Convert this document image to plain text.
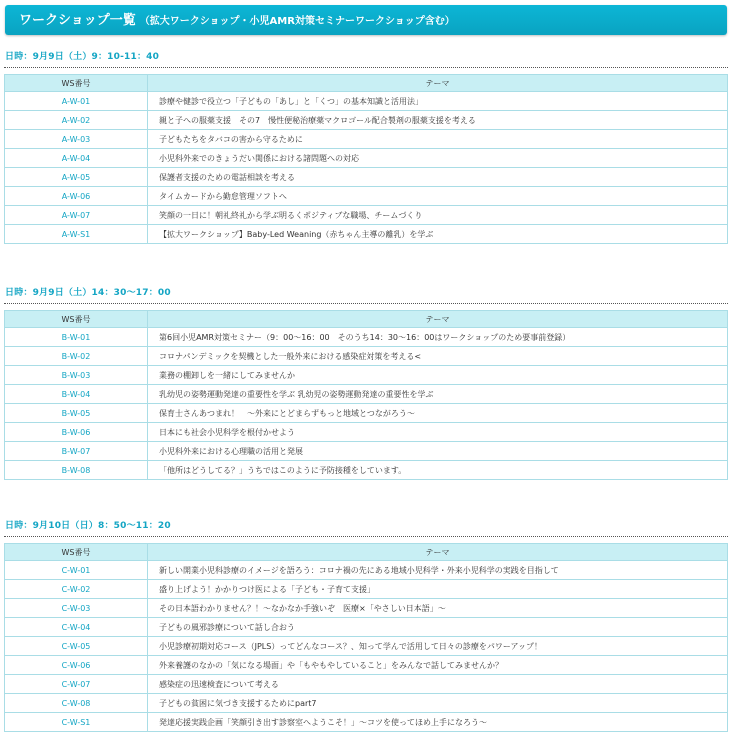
ワークショップ一覧 （拡大ワークショップ・小児AMR対策セミナーワークショップ含む）
日時：9月9日（土）9：10-11：40
WS番号	テーマ
A-W-01	診療や健診で役立つ「子どもの「あし」と「くつ」の基本知識と活用法」
A-W-02	親と子への服薬支援　その7　慢性便秘治療薬マクロゴール配合製剤の服薬支援を考える
A-W-03	子どもたちをタバコの害から守るために
A-W-04	小児科外来でのきょうだい関係における諸問題への対応
A-W-05	保護者支援のための電話相談を考える
A-W-06	タイムカードから勤怠管理ソフトへ
A-W-07	笑顔の一日に！朝礼終礼から学ぶ明るくポジティブな職場、チームづくり
A-W-S1	【拡大ワークショップ】Baby-Led Weaning（赤ちゃん主導の離乳）を学ぶ
日時：9月9日（土）14：30～17：00
WS番号	テーマ
B-W-01	第6回小児AMR対策セミナー（9：00～16：00　そのうち14：30～16：00はワークショップのため要事前登録）
B-W-02	コロナパンデミックを契機とした一般外来における感染症対策を考える<
B-W-03	業務の棚卸しを一緒にしてみませんか
B-W-04	乳幼児の姿勢運動発達の重要性を学ぶ 乳幼児の姿勢運動発達の重要性を学ぶ
B-W-05	保育士さんあつまれ！　～外来にとどまらずもっと地域とつながろう～
B-W-06	日本にも社会小児科学を根付かせよう
B-W-07	小児科外来における心理職の活用と発展
B-W-08	「他所はどうしてる？」うちではこのように予防接種をしています。
日時：9月10日（日）8：50～11：20
WS番号	テーマ
C-W-01	新しい開業小児科診療のイメージを語ろう：コロナ禍の先にある地域小児科学・外来小児科学の実践を目指して
C-W-02	盛り上げよう！かかりつけ医による「子ども・子育て支援」
C-W-03	その日本語わかりません？！～なかなか手強いぞ　医療×「やさしい日本語」～
C-W-04	子どもの風邪診療について話し合おう
C-W-05	小児診療初期対応コース（JPLS）ってどんなコース？、知って学んで活用して日々の診療をパワーアップ！
C-W-06	外来養護のなかの「気になる場面」や「もやもやしていること」をみんなで話してみませんか？
C-W-07	感染症の迅速検査について考える
C-W-08	子どもの貧困に気づき支援するためにpart7
C-W-S1	発達応援実践企画「笑顔引き出す診察室へようこそ！」～コツを使ってほめ上手になろう～
